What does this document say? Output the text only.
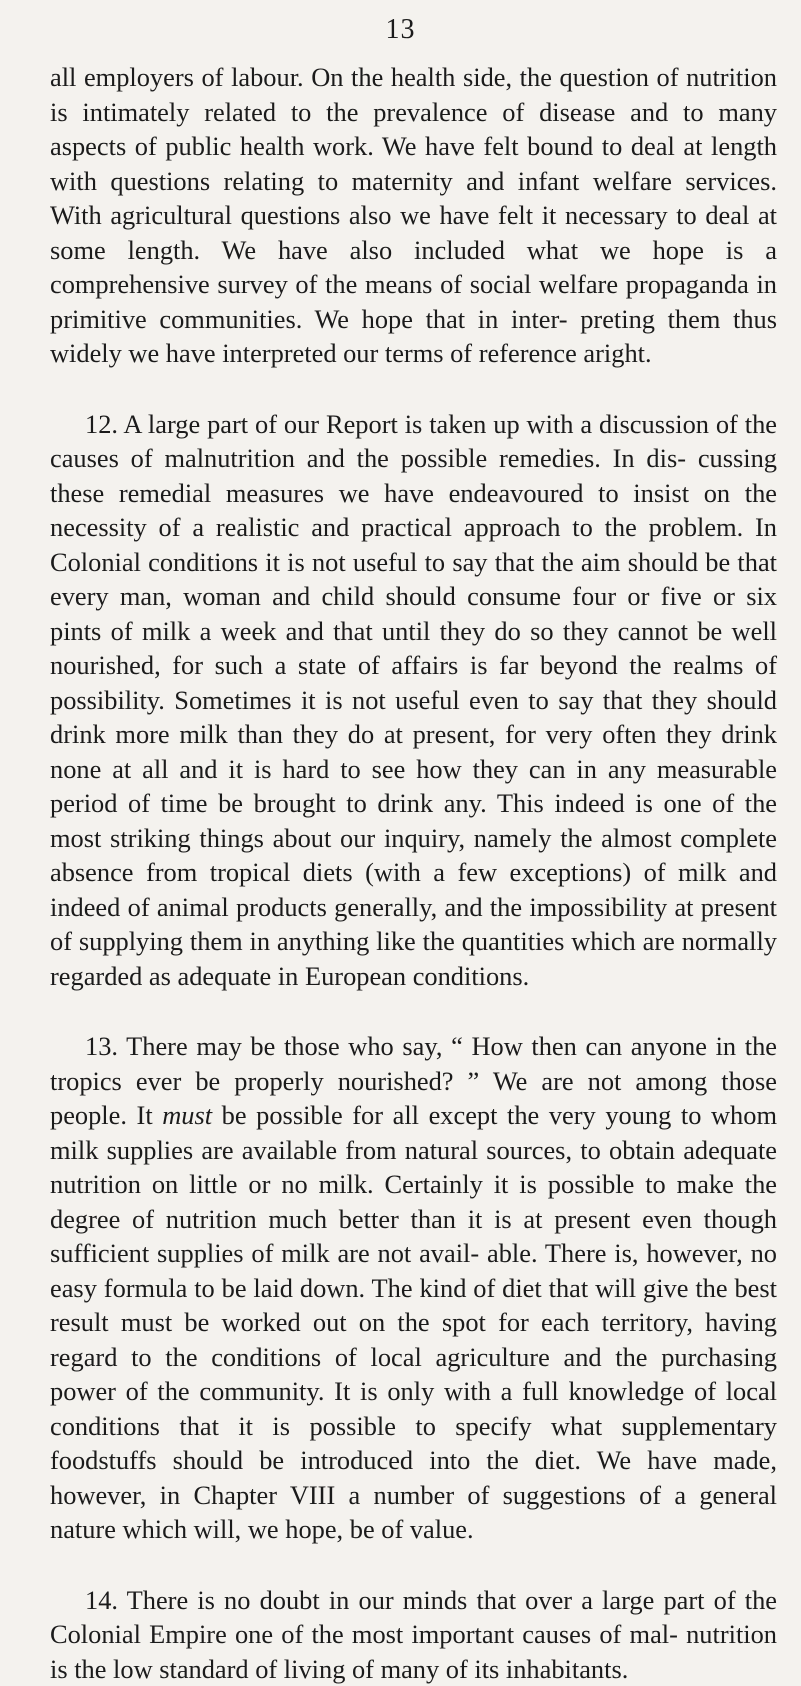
13

all employers of labour. On the health side, the question of nutrition is intimately related to the prevalence of disease and to many aspects of public health work. We have felt bound to deal at length with questions relating to maternity and infant welfare services. With agricultural questions also we have felt it necessary to deal at some length. We have also included what we hope is a comprehensive survey of the means of social welfare propaganda in primitive communities. We hope that in inter- preting them thus widely we have interpreted our terms of reference aright.

12. A large part of our Report is taken up with a discussion of the causes of malnutrition and the possible remedies. In dis- cussing these remedial measures we have endeavoured to insist on the necessity of a realistic and practical approach to the problem. In Colonial conditions it is not useful to say that the aim should be that every man, woman and child should consume four or five or six pints of milk a week and that until they do so they cannot be well nourished, for such a state of affairs is far beyond the realms of possibility. Sometimes it is not useful even to say that they should drink more milk than they do at present, for very often they drink none at all and it is hard to see how they can in any measurable period of time be brought to drink any. This indeed is one of the most striking things about our inquiry, namely the almost complete absence from tropical diets (with a few exceptions) of milk and indeed of animal products generally, and the impossibility at present of supplying them in anything like the quantities which are normally regarded as adequate in European conditions.

13. There may be those who say, “ How then can anyone in the tropics ever be properly nourished? ” We are not among those people. It must be possible for all except the very young to whom milk supplies are available from natural sources, to obtain adequate nutrition on little or no milk. Certainly it is possible to make the degree of nutrition much better than it is at present even though sufficient supplies of milk are not avail- able. There is, however, no easy formula to be laid down. The kind of diet that will give the best result must be worked out on the spot for each territory, having regard to the conditions of local agriculture and the purchasing power of the community. It is only with a full knowledge of local conditions that it is possible to specify what supplementary foodstuffs should be introduced into the diet. We have made, however, in Chapter VIII a number of suggestions of a general nature which will, we hope, be of value.

14. There is no doubt in our minds that over a large part of the Colonial Empire one of the most important causes of mal- nutrition is the low standard of living of many of its inhabitants.
